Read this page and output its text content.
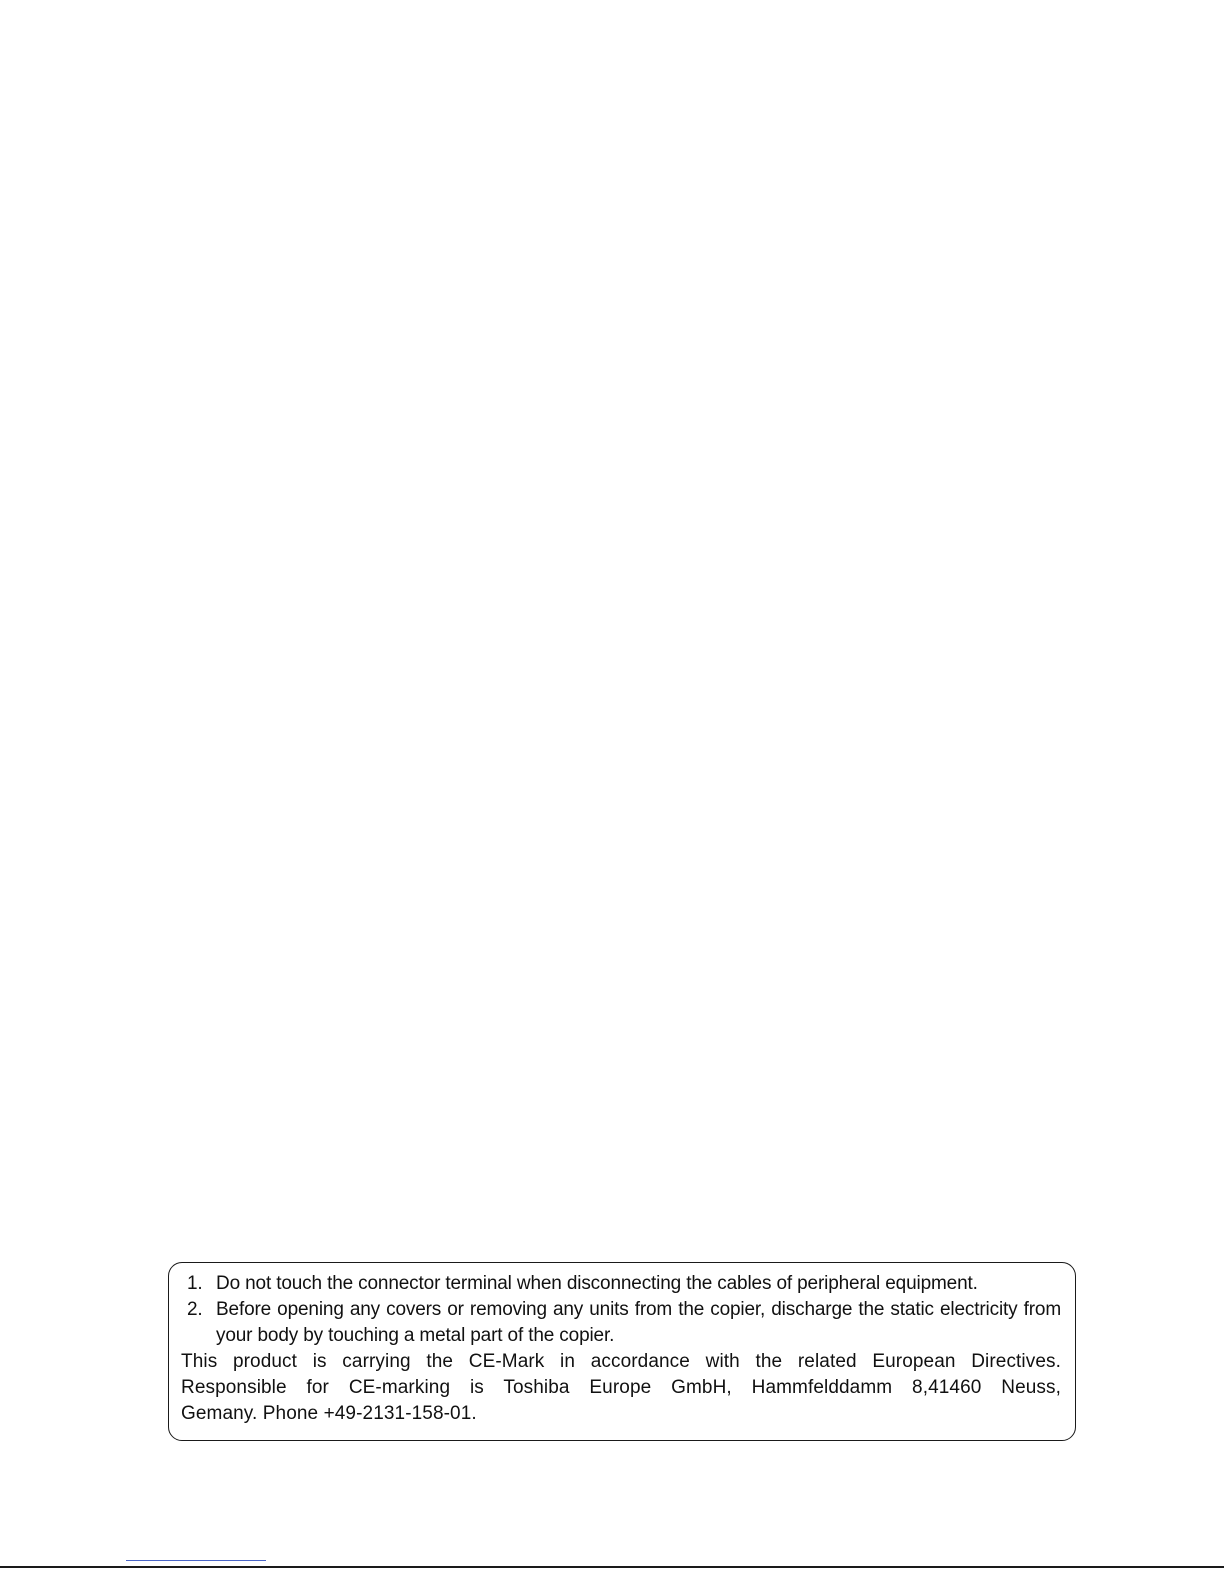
1. Do not touch the connector terminal when disconnecting the cables of peripheral equipment.
2. Before opening any covers or removing any units from the copier, discharge the static electricity from your body by touching a metal part of the copier.

This product is carrying the CE-Mark in accordance with the related European Directives.

Responsible for CE-marking is Toshiba Europe GmbH, Hammfelddamm 8,41460 Neuss,

Gemany. Phone +49-2131-158-01.
